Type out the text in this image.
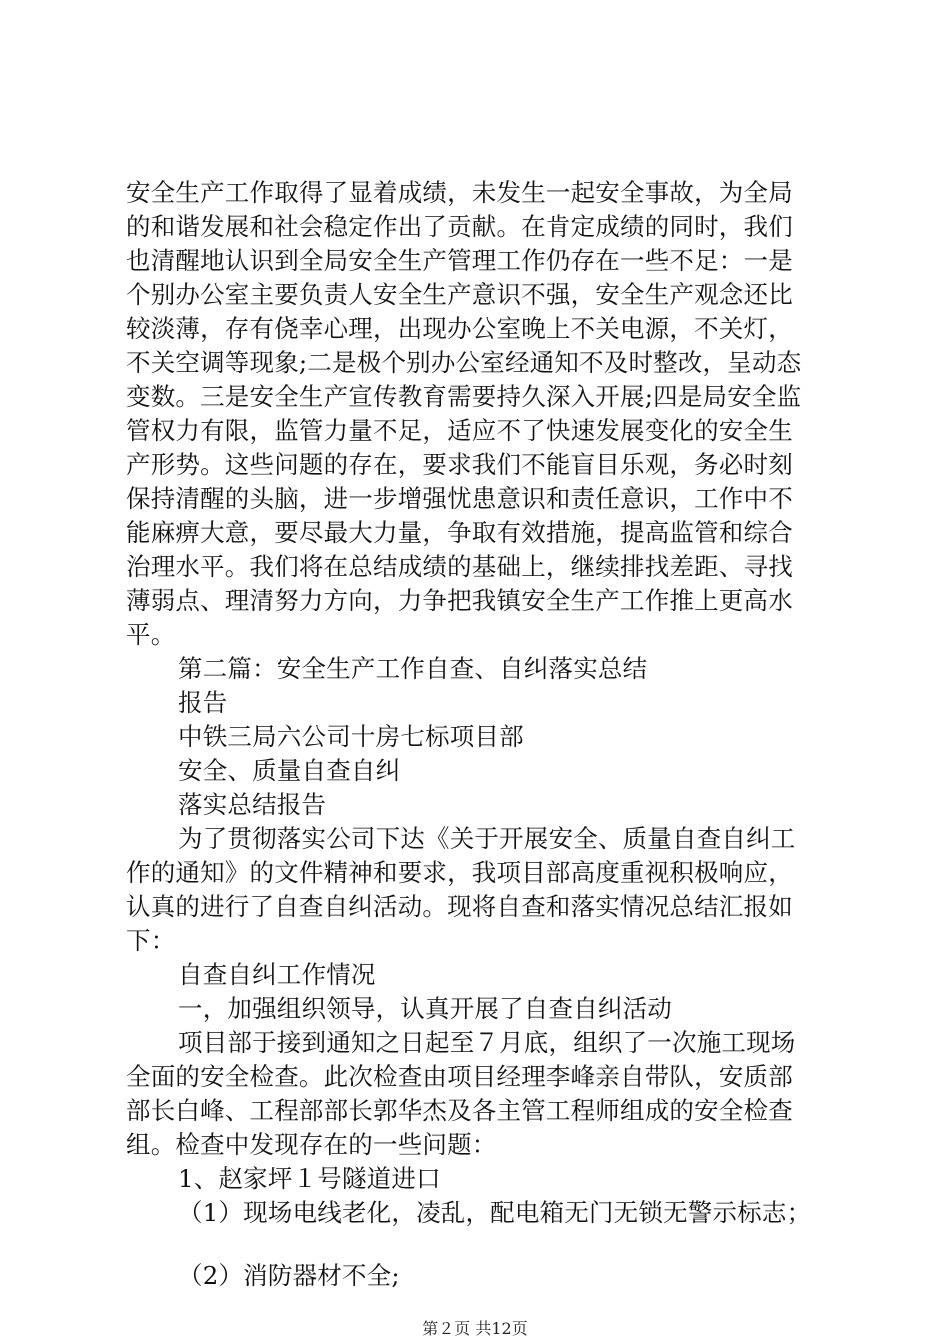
安全生产工作取得了显着成绩，未发生一起安全事故，为全局
的和谐发展和社会稳定作出了贡献。在肯定成绩的同时，我们
也清醒地认识到全局安全生产管理工作仍存在一些不足：一是
个别办公室主要负责人安全生产意识不强，安全生产观念还比
较淡薄，存有侥幸心理，出现办公室晚上不关电源，不关灯，
不关空调等现象;二是极个别办公室经通知不及时整改，呈动态
变数。三是安全生产宣传教育需要持久深入开展;四是局安全监
管权力有限，监管力量不足，适应不了快速发展变化的安全生
产形势。这些问题的存在，要求我们不能盲目乐观，务必时刻
保持清醒的头脑，进一步增强忧患意识和责任意识，工作中不
能麻痹大意，要尽最大力量，争取有效措施，提高监管和综合
治理水平。我们将在总结成绩的基础上，继续排找差距、寻找
薄弱点、理清努力方向，力争把我镇安全生产工作推上更高水
平。
第二篇：安全生产工作自查、自纠落实总结
报告
中铁三局六公司十房七标项目部
安全、质量自查自纠
落实总结报告
为了贯彻落实公司下达《关于开展安全、质量自查自纠工
作的通知》的文件精神和要求，我项目部高度重视积极响应，
认真的进行了自查自纠活动。现将自查和落实情况总结汇报如
下：
自查自纠工作情况
一，加强组织领导，认真开展了自查自纠活动
项目部于接到通知之日起至７月底，组织了一次施工现场
全面的安全检查。此次检查由项目经理李峰亲自带队，安质部
部长白峰、工程部部长郭华杰及各主管工程师组成的安全检查
组。检查中发现存在的一些问题：
1、赵家坪１号隧道进口
（1）现场电线老化，凌乱，配电箱无门无锁无警示标志；
第２页 共12页
（2）消防器材不全;
